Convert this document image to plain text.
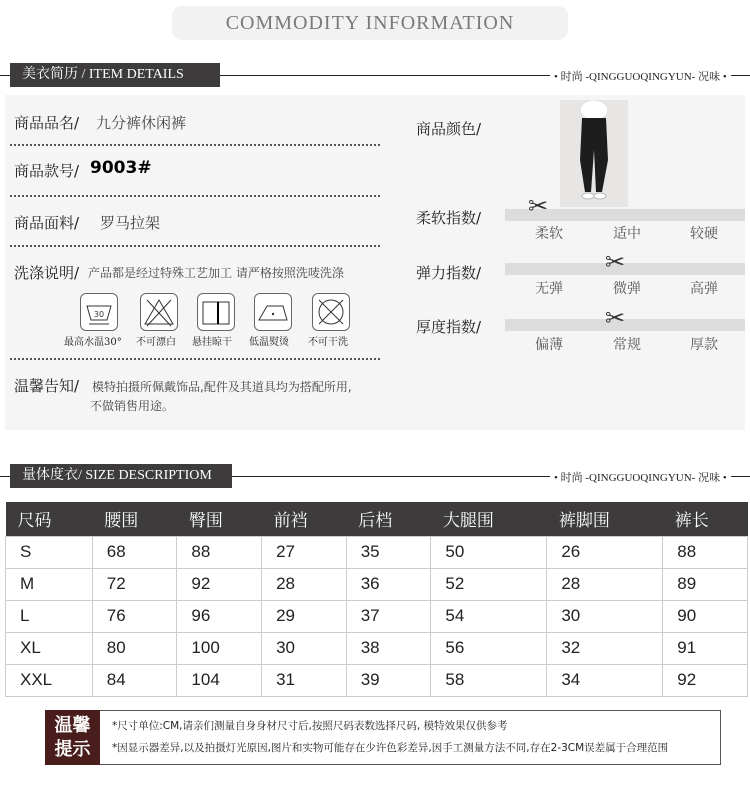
COMMODITY INFORMATION
美衣简历 / ITEM DETAILS	• 时尚 -QINGGUOQINGYUN- 况味 •
商品品名/ 九分裤休闲裤
商品款号/ 9003#
商品面料/ 罗马拉架
洗涤说明/ 产品都是经过特殊工艺加工 请严格按照洗唛洗涤
30
最高水温30° 不可漂白 悬挂晾干 低温熨烫 不可干洗
温馨告知/ 模特拍摄所佩戴饰品,配件及其道具均为搭配所用,
不做销售用途。
商品颜色/
柔软指数/ ✂
柔软	适中	较硬
弹力指数/	✂
无弹	微弹	高弹
厚度指数/	✂
偏薄	常规	厚款
量体度衣/ SIZE DESCRIPTIOM	• 时尚 -QINGGUOQINGYUN- 况味 •
尺码	腰围	臀围	前裆	后档	大腿围	裤脚围	裤长
S	68	88	27	35	50	26	88
M	72	92	28	36	52	28	89
L	76	96	29	37	54	30	90
XL	80	100	30	38	56	32	91
XXL	84	104	31	39	58	34	92
温馨
提示
*尺寸单位:CM,请亲们测量自身身材尺寸后,按照尺码表数选择尺码, 模特效果仅供参考
*因显示器差异,以及拍摄灯光原因,图片和实物可能存在少许色彩差异,因手工测量方法不同,存在2-3CM误差属于合理范围
